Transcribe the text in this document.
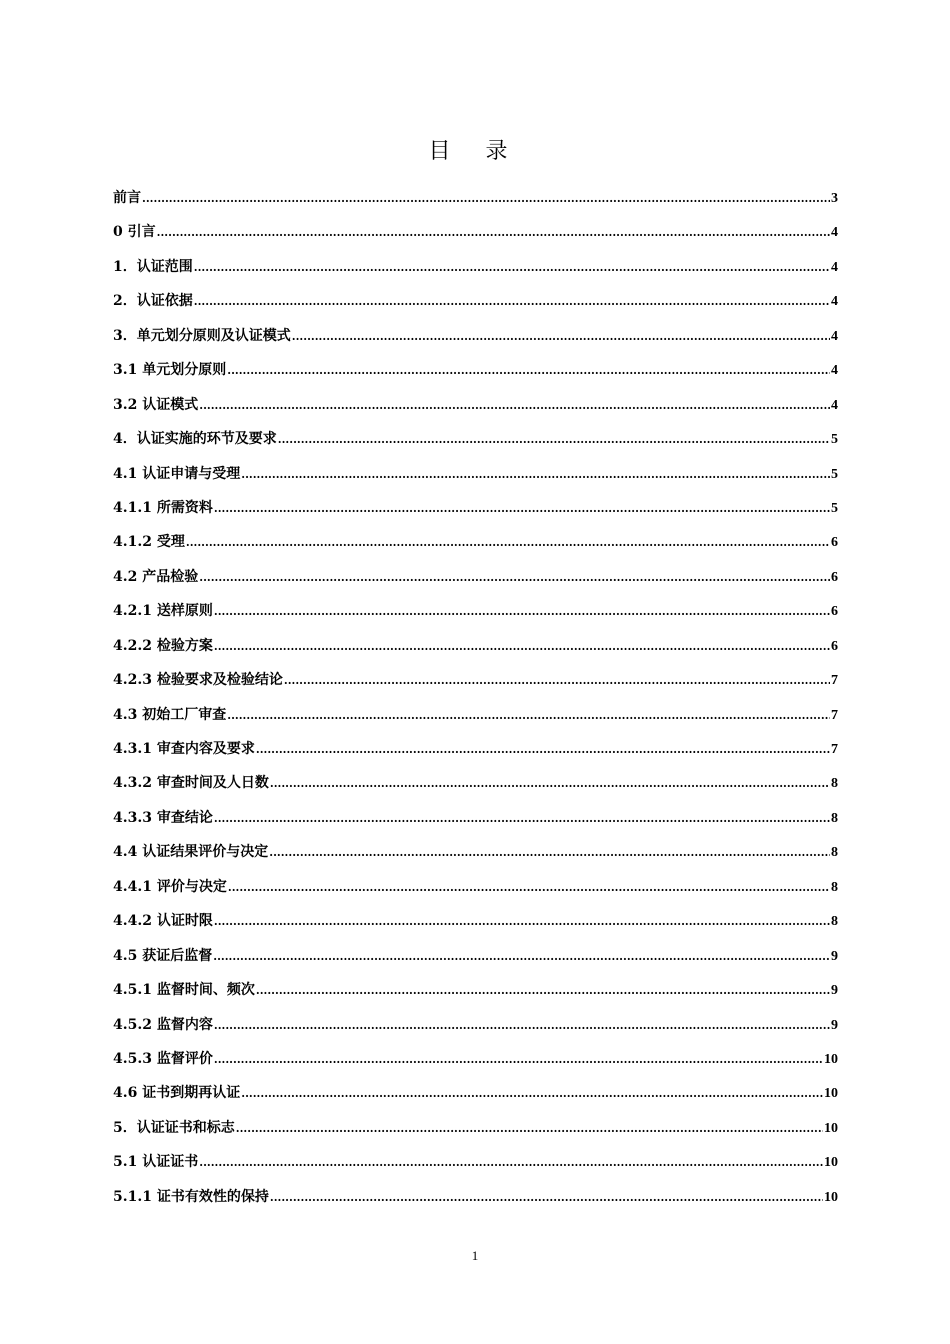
目 录
前言 .....	3
0 引言 .....	4
1．认证范围 .....	4
2．认证依据 .....	4
3．单元划分原则及认证模式 .....	4
3.1 单元划分原则 .....	4
3.2 认证模式 .....	4
4．认证实施的环节及要求 .....	5
4.1 认证申请与受理 .....	5
4.1.1 所需资料 .....	5
4.1.2 受理 .....	6
4.2 产品检验 .....	6
4.2.1 送样原则 .....	6
4.2.2 检验方案 .....	6
4.2.3 检验要求及检验结论 .....	7
4.3 初始工厂审查 .....	7
4.3.1 审查内容及要求 .....	7
4.3.2 审查时间及人日数 .....	8
4.3.3 审查结论 .....	8
4.4 认证结果评价与决定 .....	8
4.4.1 评价与决定 .....	8
4.4.2 认证时限 .....	8
4.5 获证后监督 .....	9
4.5.1 监督时间、频次 .....	9
4.5.2 监督内容 .....	9
4.5.3 监督评价 .....	10
4.6 证书到期再认证 .....	10
5．认证证书和标志 .....	10
5.1 认证证书 .....	10
5.1.1 证书有效性的保持 .....	10
1
